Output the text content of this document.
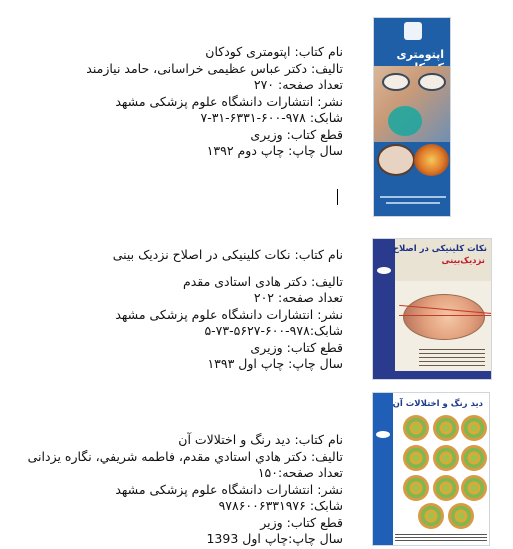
نام کتاب: اپتومتری کودکان
تالیف: دکتر عباس عظیمی خراسانی، حامد نیازمند
تعداد صفحه: ۲۷۰
نشر: انتشارات دانشگاه علوم پزشکی مشهد
شابک: ۹۷۸-۶۰۰-۶۳۳۱-۳۱-۷
قطع کتاب: وزیری
سال چاپ: چاپ دوم ۱۳۹۲
اپتومتری
نام کتاب: نکات کلینیکی در اصلاح نزدیک بینی
تالیف: دکتر هادی استادی مقدم
تعداد صفحه: ۲۰۲
نشر: انتشارات دانشگاه علوم پزشکی مشهد
شابک:۹۷۸-۶۰۰-۵۶۲۷-۷۳-۵
قطع کتاب: وزیری
سال چاپ: چاپ اول ۱۳۹۳
نکات کلینیکی در اصلاح
نزدیک‌بینی
نام کتاب: دید رنگ و اختلالات آن
تالیف: دکتر هادي استادي مقدم، فاطمه شريفي، نگاره یزدانی
تعداد صفحه:۱۵۰
نشر: انتشارات دانشگاه علوم پزشکی مشهد
شابک: ۹۷۸۶۰۰۶۳۳۱۹۷۶
قطع کتاب: وزیر
سال چاپ:چاپ اول 1393
دید رنگ و اختلالات آن
